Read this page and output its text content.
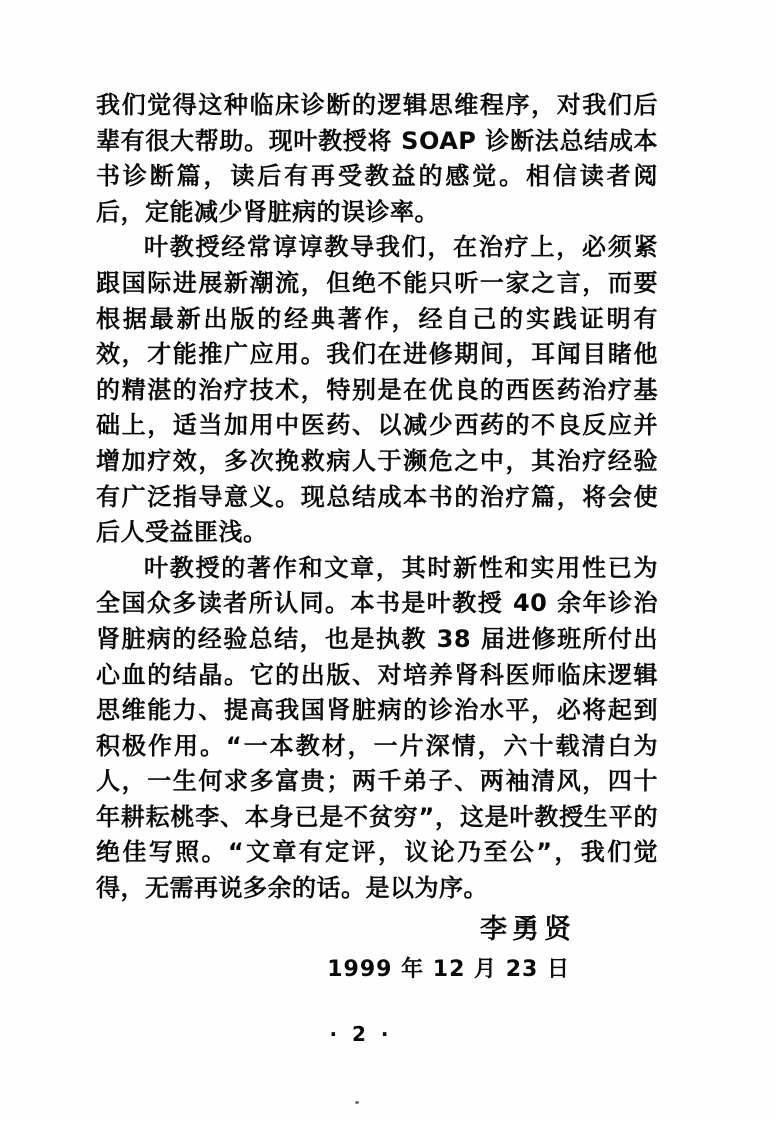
我们觉得这种临床诊断的逻辑思维程序，对我们后辈有很大帮助。现叶教授将 SOAP 诊断法总结成本书诊断篇，读后有再受教益的感觉。相信读者阅后，定能减少肾脏病的误诊率。

叶教授经常谆谆教导我们，在治疗上，必须紧跟国际进展新潮流，但绝不能只听一家之言，而要根据最新出版的经典著作，经自己的实践证明有效，才能推广应用。我们在进修期间，耳闻目睹他的精湛的治疗技术，特别是在优良的西医药治疗基础上，适当加用中医药、以减少西药的不良反应并增加疗效，多次挽救病人于濒危之中，其治疗经验有广泛指导意义。现总结成本书的治疗篇，将会使后人受益匪浅。

叶教授的著作和文章，其时新性和实用性已为全国众多读者所认同。本书是叶教授 40 余年诊治肾脏病的经验总结，也是执教 38 届进修班所付出心血的结晶。它的出版、对培养肾科医师临床逻辑思维能力、提高我国肾脏病的诊治水平，必将起到积极作用。“一本教材，一片深情，六十载清白为人，一生何求多富贵；两千弟子、两袖清风，四十年耕耘桃李、本身已是不贫穷”，这是叶教授生平的绝佳写照。“文章有定评，议论乃至公”，我们觉得，无需再说多余的话。是以为序。

李勇贤
1999 年 12 月 23 日
· 2 ·
